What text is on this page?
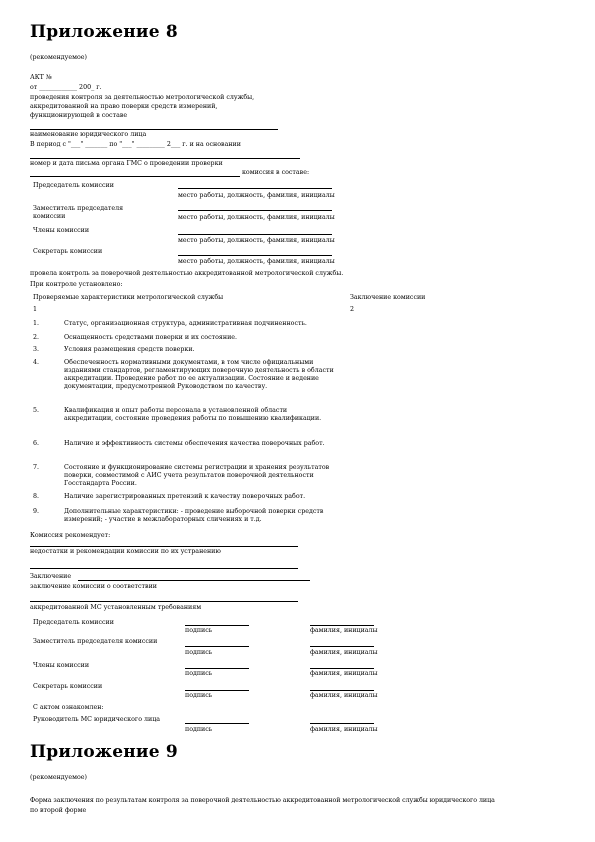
Приложение 8
(рекомендуемое)
АКТ №
от ____________ 200_ г.
проведения контроля за деятельностью метрологической службы,
аккредитованной на право поверки средств измерений,
функционирующей в составе
наименование юридического лица
В период с "___" _______ по "___" _________ 2___ г. и на основании
номер и дата письма органа ГМС о проведении проверки
комиссия в составе:
Председатель комиссии
место работы, должность, фамилия, инициалы
Заместитель председателя комиссии	место работы, должность, фамилия, инициалы
Члены комиссии
место работы, должность, фамилия, инициалы
Секретарь комиссии
место работы, должность, фамилия, инициалы
провела контроль за поверочной деятельностью аккредитованной метрологической службы.
При контроле установлено:
Проверяемые характеристики метрологической службы	Заключение комиссии
1	2
1.	Статус, организационная структура, административная подчиненность.
2.	Оснащенность средствами поверки и их состояние.
3.	Условия размещения средств поверки.
4.	Обеспеченность нормативными документами, в том числе официальными изданиями стандартов, регламентирующих поверочную деятельность в области аккредитации. Проведение работ по ее актуализации. Состояние и ведение документации, предусмотренной Руководством по качеству.
5.	Квалификация и опыт работы персонала в установленной области аккредитации, состояние проведения работы по повышению квалификации.
6.	Наличие и эффективность системы обеспечения качества поверочных работ.
7.	Состояние и функционирование системы регистрации и хранения результатов поверки, совместимой с АИС учета результатов поверочной деятельности Госстандарта России.
8.	Наличие зарегистрированных претензий к качеству поверочных работ.
9.	Дополнительные характеристики: - проведение выборочной поверки средств измерений; - участие в межлабораторных сличениях и т.д.
Комиссия рекомендует:
недостатки и рекомендации комиссии по их устранению
Заключение
заключение комиссии о соответствии
аккредитованной МС установленным требованиям
Председатель комиссии
подпись	фамилия, инициалы
Заместитель председателя комиссии
подпись	фамилия, инициалы
Члены комиссии
подпись	фамилия, инициалы
Секретарь комиссии
подпись	фамилия, инициалы
С актом ознакомлен:
Руководитель МС юридического лица
подпись	фамилия, инициалы
Приложение 9
(рекомендуемое)
Форма заключения по результатам контроля за поверочной деятельностью аккредитованной метрологической службы юридического лица
по второй форме
